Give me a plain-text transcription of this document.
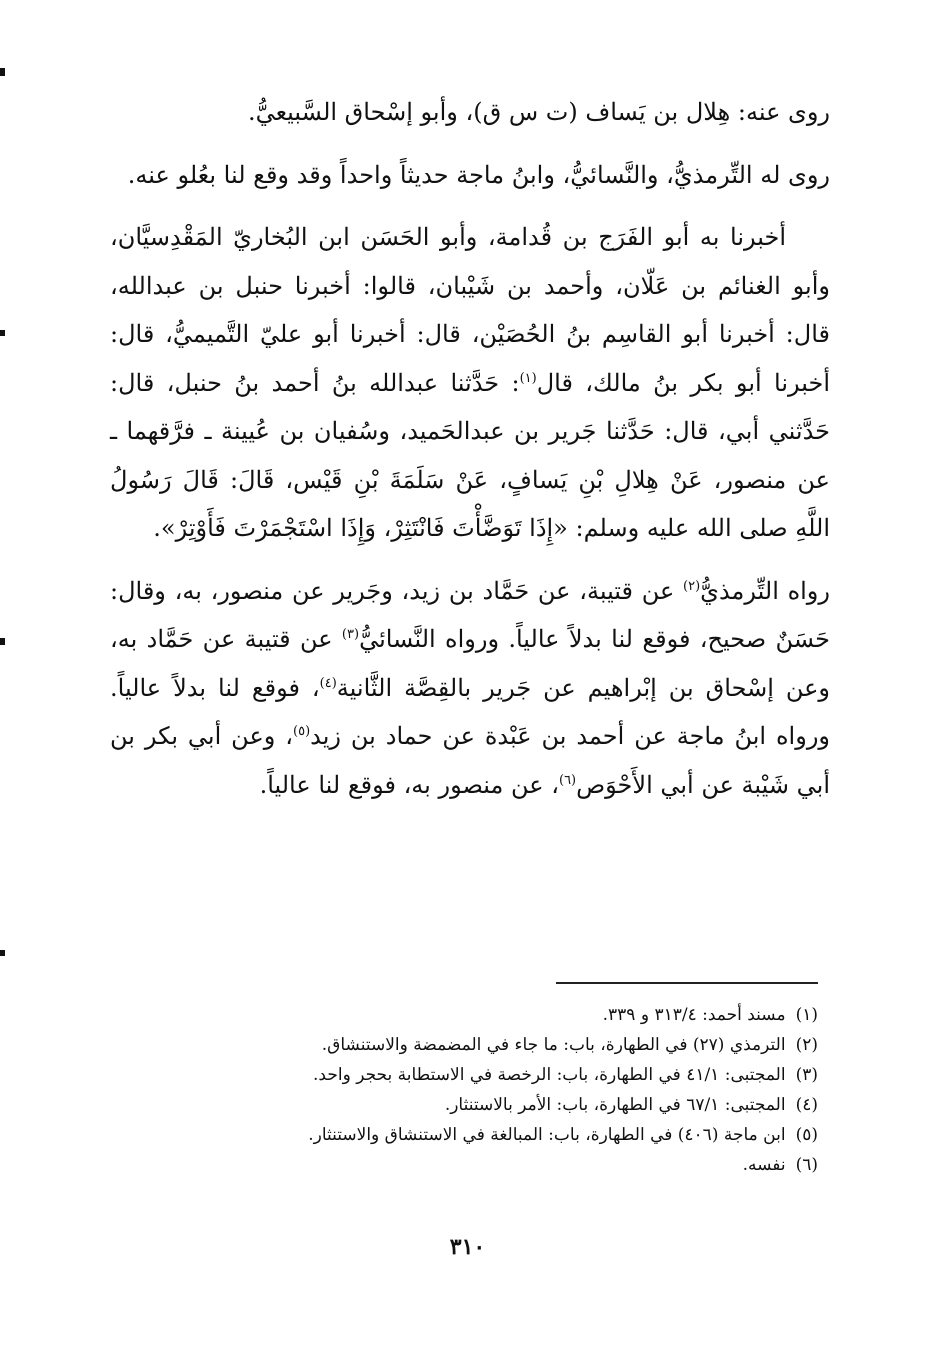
روى عنه: هِلال بن يَساف (ت س ق)، وأبو إسْحاق السَّبيعيُّ.

روى له التِّرمذيُّ، والنَّسائيُّ، وابنُ ماجة حديثاً واحداً وقد وقع لنا بعُلو عنه.

أخبرنا به أبو الفَرَج بن قُدامة، وأبو الحَسَن ابن البُخاريّ المَقْدِسيَّان، وأبو الغنائم بن عَلّان، وأحمد بن شَيْبان، قالوا: أخبرنا حنبل بن عبدالله، قال: أخبرنا أبو القاسِم بنُ الحُصَيْن، قال: أخبرنا أبو عليّ التَّميميُّ، قال: أخبرنا أبو بكر بنُ مالك، قال$^{(١)}$: حَدَّثنا عبدالله بنُ أحمد بنُ حنبل، قال: حَدَّثني أبي، قال: حَدَّثنا جَرير بن عبدالحَميد، وسُفيان بن عُيينة ـ فرَّقهما ـ عن منصور، عَنْ هِلالِ بْنِ يَسافٍ، عَنْ سَلَمَةَ بْنِ قَيْس، قَالَ: قَالَ رَسُولُ اللَّهِ صلى الله عليه وسلم: «إِذَا تَوَضَّأْتَ فَانْتَثِرْ، وَإِذَا اسْتَجْمَرْتَ فَأَوْتِرْ».

رواه التِّرمذيُّ$^{(٢)}$ عن قتيبة، عن حَمَّاد بن زيد، وجَرير عن منصور، به، وقال: حَسَنٌ صحيح، فوقع لنا بدلاً عالياً. ورواه النَّسائيُّ$^{(٣)}$ عن قتيبة عن حَمَّاد به، وعن إسْحاق بن إبْراهيم عن جَرير بالقِصَّة الثَّانية$^{(٤)}$، فوقع لنا بدلاً عالياً. ورواه ابنُ ماجة عن أحمد بن عَبْدة عن حماد بن زيد$^{(٥)}$، وعن أبي بكر بن أبي شَيْبة عن أبي الأَحْوَص$^{(٦)}$، عن منصور به، فوقع لنا عالياً.

(١)مسند أحمد: ٣١٣/٤ و ٣٣٩.
(٢)الترمذي (٢٧) في الطهارة، باب: ما جاء في المضمضة والاستنشاق.
(٣)المجتبى: ٤١/١ في الطهارة، باب: الرخصة في الاستطابة بحجر واحد.
(٤)المجتبى: ٦٧/١ في الطهارة، باب: الأمر بالاستنثار.
(٥)ابن ماجة (٤٠٦) في الطهارة، باب: المبالغة في الاستنشاق والاستنثار.
(٦)نفسه.
٣١٠
